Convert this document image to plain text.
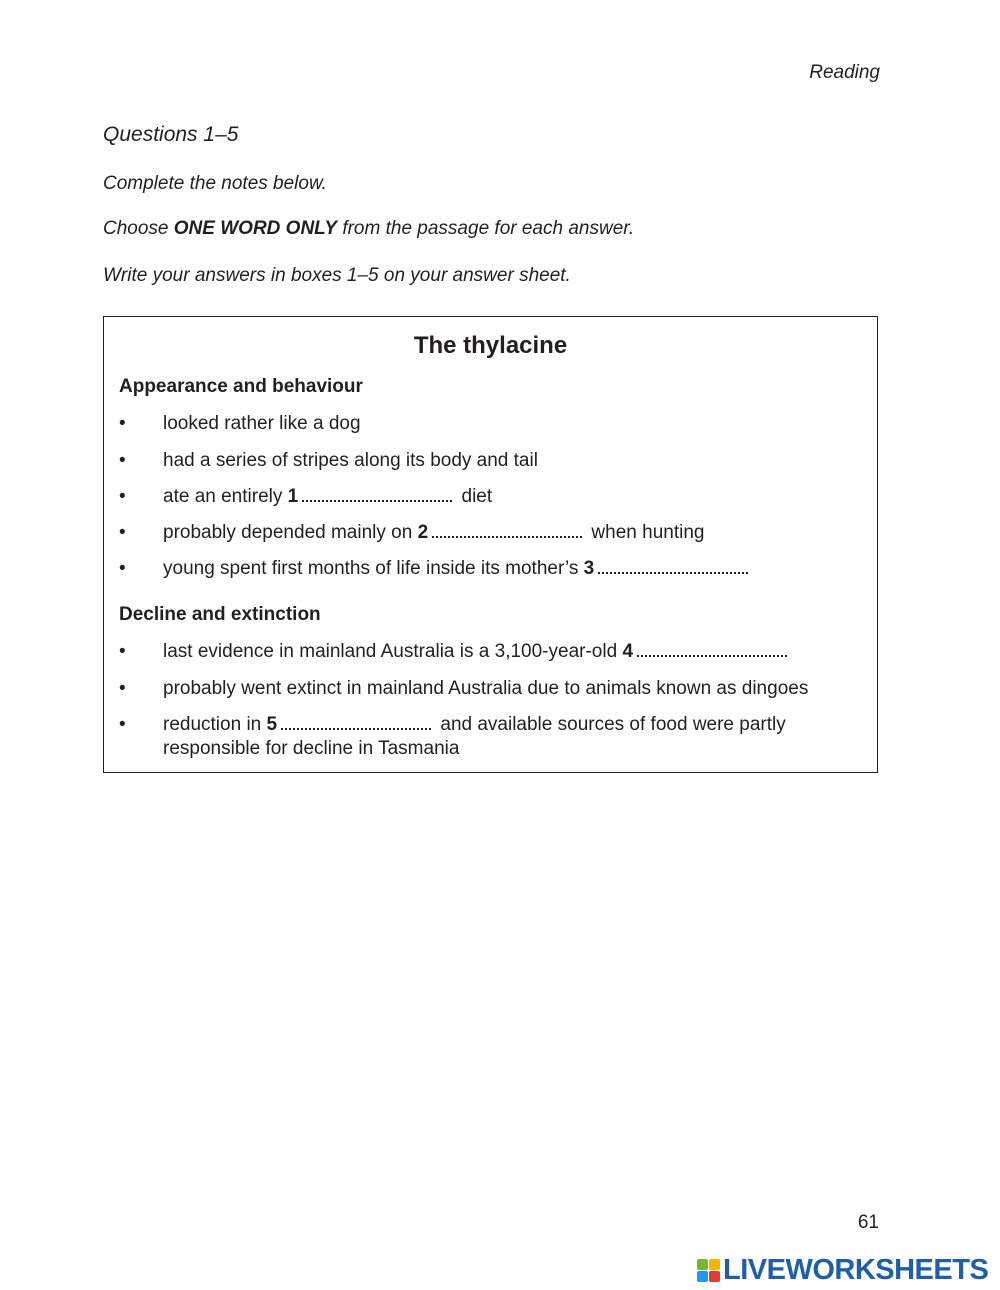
Reading
Questions 1–5
Complete the notes below.
Choose ONE WORD ONLY from the passage for each answer.
Write your answers in boxes 1–5 on your answer sheet.
The thylacine
Appearance and behaviour
•	looked rather like a dog
•	had a series of stripes along its body and tail
•	ate an entirely 1	diet
•	probably depended mainly on 2	when hunting
•	young spent first months of life inside its mother’s 3
Decline and extinction
•	last evidence in mainland Australia is a 3,100-year-old 4
•	probably went extinct in mainland Australia due to animals known as dingoes
•	reduction in 5	and available sources of food were partly responsible for decline in Tasmania
61
LIVEWORKSHEETS
